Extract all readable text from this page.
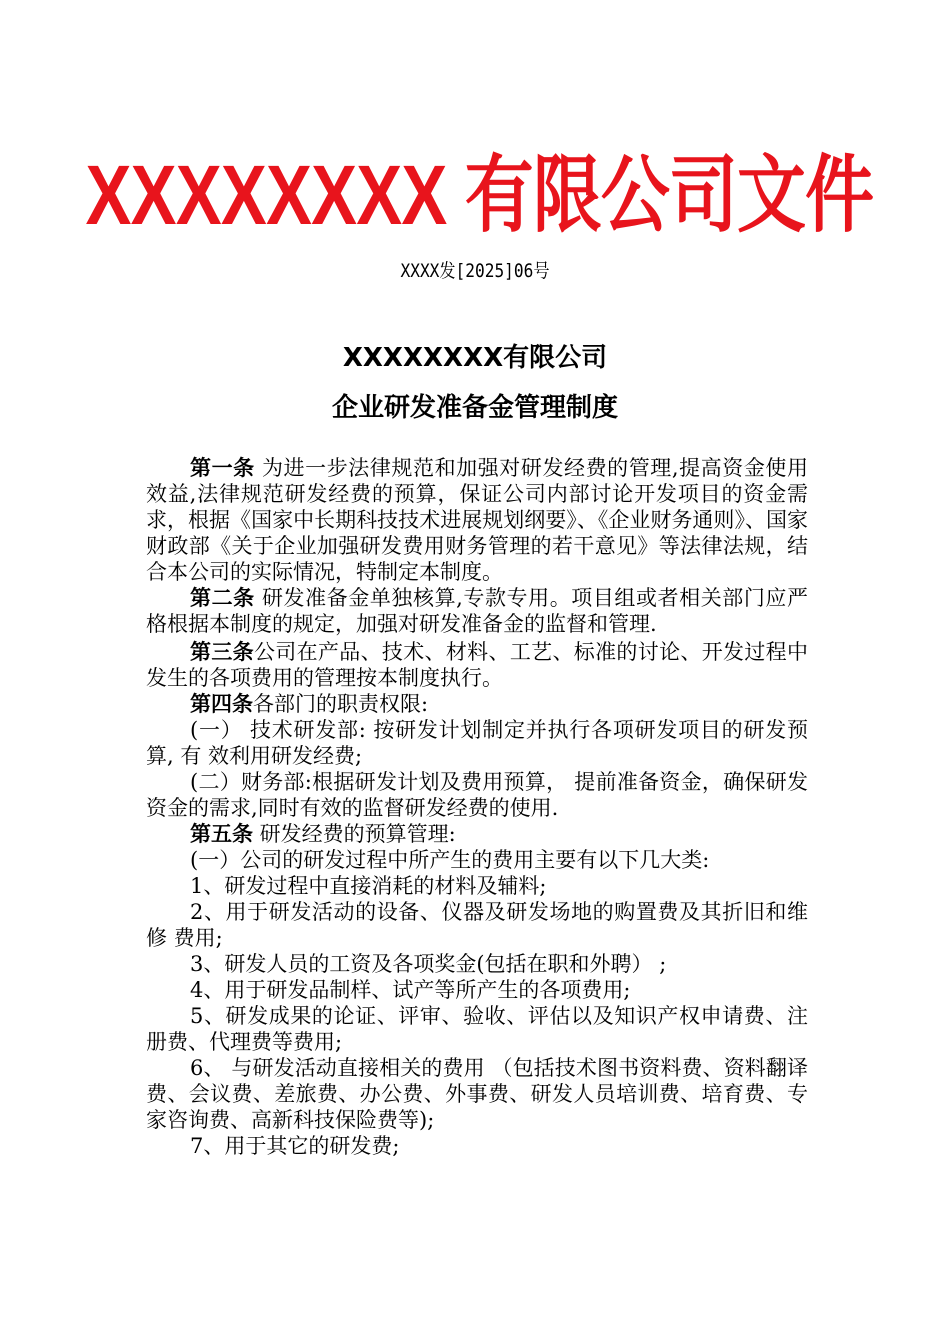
XXXXXXXX 有限公司文件
XXXX发[2025]06号
XXXXXXXX有限公司
企业研发准备金管理制度

第一条 为进一步法律规范和加强对研发经费的管理,提高资金使用效益,法律规范研发经费的预算，保证公司内部讨论开发项目的资金需求，根据《国家中长期科技技术进展规划纲要》、《企业财务通则》、国家财政部《关于企业加强研发费用财务管理的若干意见》等法律法规，结合本公司的实际情况，特制定本制度。

第二条 研发准备金单独核算,专款专用。项目组或者相关部门应严格根据本制度的规定，加强对研发准备金的监督和管理.

第三条公司在产品、技术、材料、工艺、标准的讨论、开发过程中发生的各项费用的管理按本制度执行。

第四条各部门的职责权限:

(一） 技术研发部: 按研发计划制定并执行各项研发项目的研发预算, 有 效利用研发经费;

(二）财务部:根据研发计划及费用预算， 提前准备资金，确保研发资金的需求,同时有效的监督研发经费的使用.

第五条 研发经费的预算管理:

(一）公司的研发过程中所产生的费用主要有以下几大类:

1、研发过程中直接消耗的材料及辅料;

2、用于研发活动的设备、仪器及研发场地的购置费及其折旧和维修 费用;

3、研发人员的工资及各项奖金(包括在职和外聘） ;

4、用于研发品制样、试产等所产生的各项费用;

5、研发成果的论证、评审、验收、评估以及知识产权申请费、注册费、代理费等费用;

6、 与研发活动直接相关的费用 （包括技术图书资料费、资料翻译费、会议费、差旅费、办公费、外事费、研发人员培训费、培育费、专家咨询费、高新科技保险费等);

7、用于其它的研发费;
